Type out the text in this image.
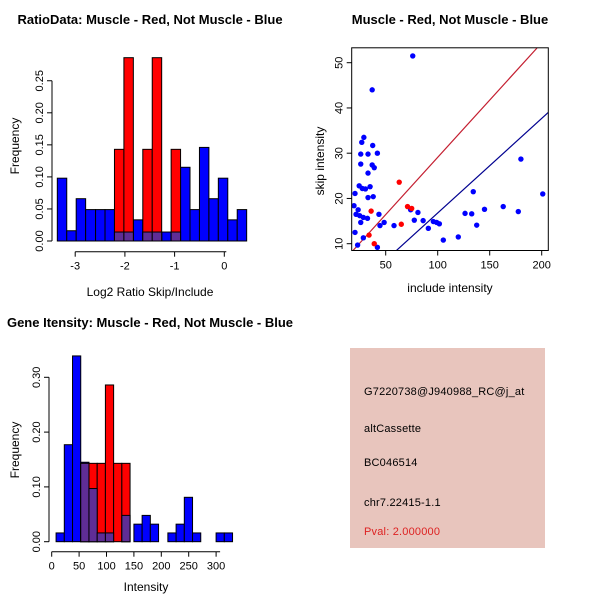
-3	-2	-1	0
0.00
0.05
0.10
0.15
0.20
0.25
50	100	150	200
10
20
30
40
50
0 50 100 150 200 250 300
0.00
0.10
0.20
0.30
RatioData: Muscle - Red, Not Muscle - Blue
Log2 Ratio Skip/Include
Frequency
Muscle - Red, Not Muscle - Blue
include intensity
skip intensity
Gene Itensity: Muscle - Red, Not Muscle - Blue
Intensity
Frequency
G7220738@J940988_RC@j_at
altCassette
BC046514
chr7.22415-1.1
Pval: 2.000000
